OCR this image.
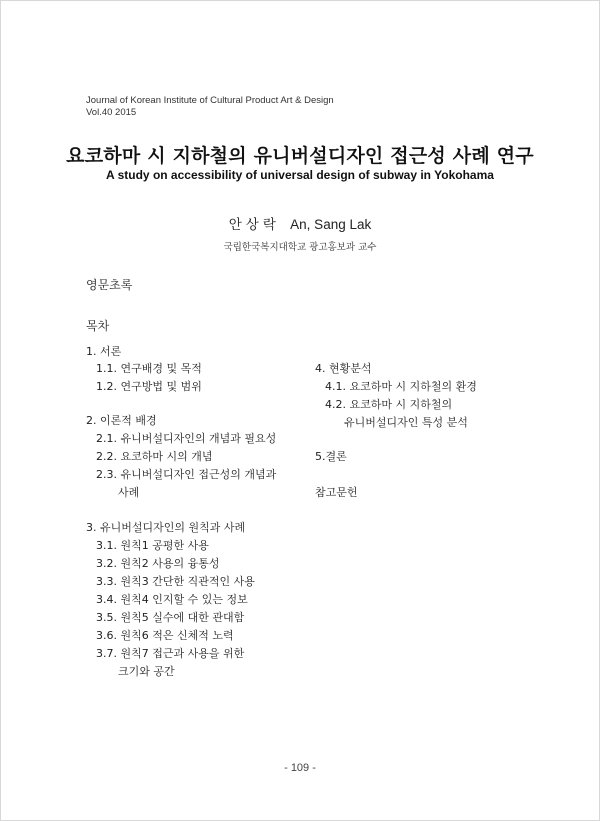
Journal of Korean Institute of Cultural Product Art & Design
Vol.40 2015
요코하마 시 지하철의 유니버설디자인 접근성 사례 연구
A study on accessibility of universal design of subway in Yokohama
안상락 An, Sang Lak
국립한국복지대학교 광고홍보과 교수
영문초록
목차
1. 서론
1.1. 연구배경 및 목적
1.2. 연구방법 및 범위
2. 이론적 배경
2.1. 유니버설디자인의 개념과 필요성
2.2. 요코하마 시의 개념
2.3. 유니버설디자인 접근성의 개념과
사례
3. 유니버설디자인의 원칙과 사례
3.1. 원칙1 공평한 사용
3.2. 원칙2 사용의 융통성
3.3. 원칙3 간단한 직관적인 사용
3.4. 원칙4 인지할 수 있는 정보
3.5. 원칙5 실수에 대한 관대함
3.6. 원칙6 적은 신체적 노력
3.7. 원칙7 접근과 사용을 위한
크기와 공간
4. 현황분석
4.1. 요코하마 시 지하철의 환경
4.2. 요코하마 시 지하철의
유니버설디자인 특성 분석
5.결론
참고문헌
- 109 -
